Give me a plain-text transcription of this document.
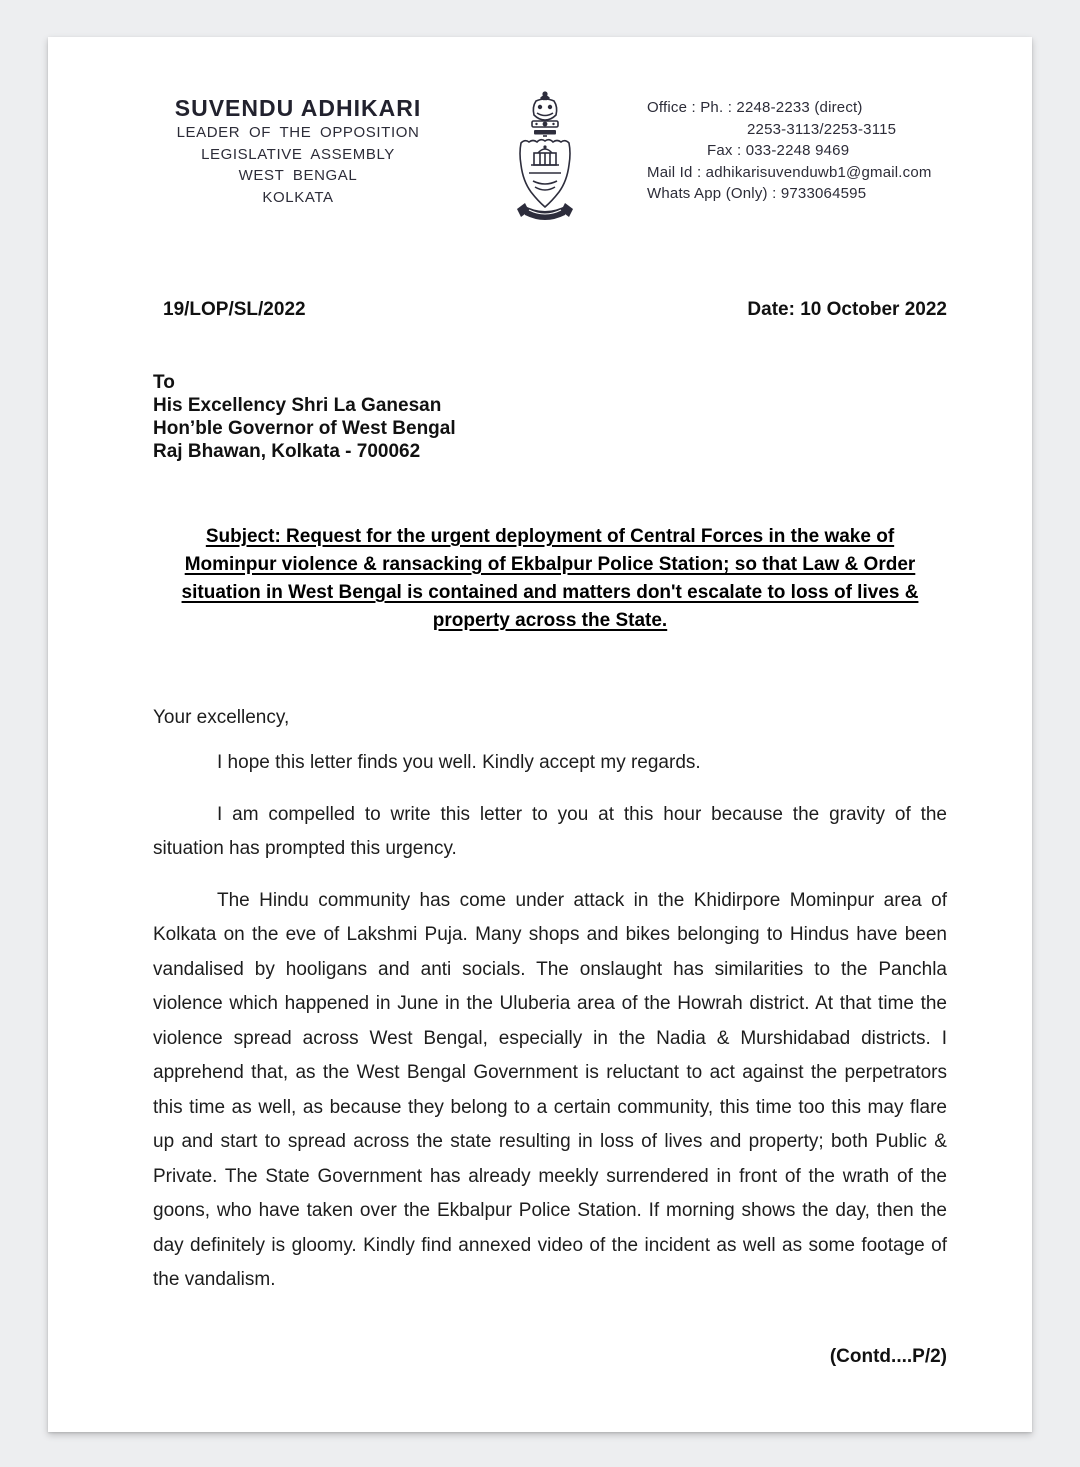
SUVENDU ADHIKARI
LEADER OF THE OPPOSITION
LEGISLATIVE ASSEMBLY
WEST BENGAL
KOLKATA
Office : Ph. : 2248-2233 (direct)
2253-3113/2253-3115
Fax : 033-2248 9469
Mail Id : adhikarisuvenduwb1@gmail.com
Whats App (Only) : 9733064595
19/LOP/SL/2022	Date: 10 October 2022
To
His Excellency Shri La Ganesan
Hon’ble Governor of West Bengal
Raj Bhawan, Kolkata - 700062
Subject: Request for the urgent deployment of Central Forces in the wake of
Mominpur violence & ransacking of Ekbalpur Police Station; so that Law & Order
situation in West Bengal is contained and matters don't escalate to loss of lives &
property across the State.
Your excellency,

I hope this letter finds you well. Kindly accept my regards.

I am compelled to write this letter to you at this hour because the gravity of the situation has prompted this urgency.

The Hindu community has come under attack in the Khidirpore Mominpur area of Kolkata on the eve of Lakshmi Puja. Many shops and bikes belonging to Hindus have been vandalised by hooligans and anti socials. The onslaught has similarities to the Panchla violence which happened in June in the Uluberia area of the Howrah district. At that time the violence spread across West Bengal, especially in the Nadia & Murshidabad districts. I apprehend that, as the West Bengal Government is reluctant to act against the perpetrators this time as well, as because they belong to a certain community, this time too this may flare up and start to spread across the state resulting in loss of lives and property; both Public & Private. The State Government has already meekly surrendered in front of the wrath of the goons, who have taken over the Ekbalpur Police Station. If morning shows the day, then the day definitely is gloomy. Kindly find annexed video of the incident as well as some footage of the vandalism.

(Contd....P/2)
